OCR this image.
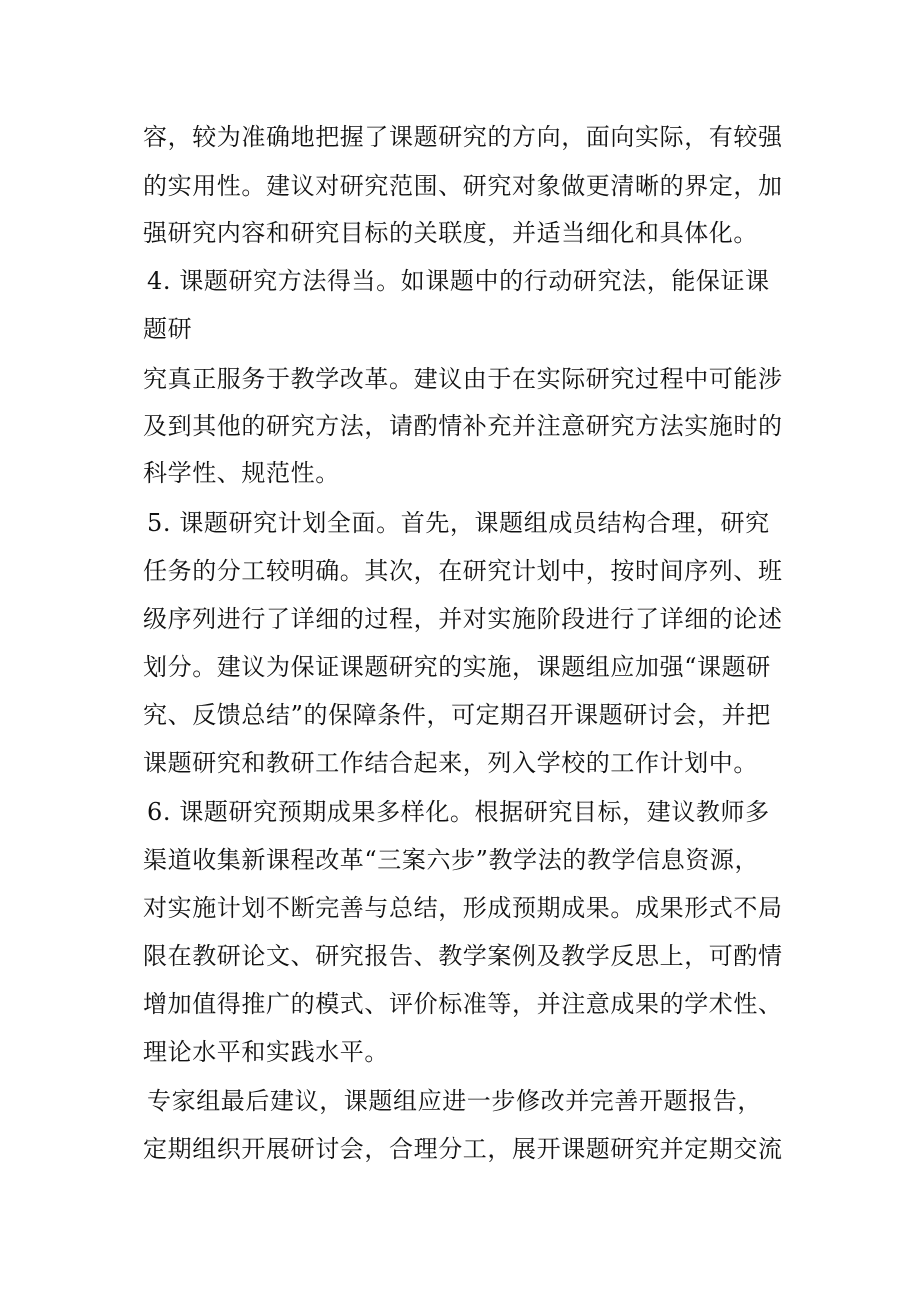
容，较为准确地把握了课题研究的方向，面向实际，有较强
的实用性。建议对研究范围、研究对象做更清晰的界定，加
强研究内容和研究目标的关联度，并适当细化和具体化。
4. 课题研究方法得当。如课题中的行动研究法，能保证课
题研
究真正服务于教学改革。建议由于在实际研究过程中可能涉
及到其他的研究方法，请酌情补充并注意研究方法实施时的
科学性、规范性。
5. 课题研究计划全面。首先，课题组成员结构合理，研究
任务的分工较明确。其次，在研究计划中，按时间序列、班
级序列进行了详细的过程，并对实施阶段进行了详细的论述
划分。建议为保证课题研究的实施，课题组应加强“课题研
究、反馈总结”的保障条件，可定期召开课题研讨会，并把
课题研究和教研工作结合起来，列入学校的工作计划中。
6. 课题研究预期成果多样化。根据研究目标，建议教师多
渠道收集新课程改革“三案六步”教学法的教学信息资源，
对实施计划不断完善与总结，形成预期成果。成果形式不局
限在教研论文、研究报告、教学案例及教学反思上，可酌情
增加值得推广的模式、评价标准等，并注意成果的学术性、
理论水平和实践水平。
专家组最后建议，课题组应进一步修改并完善开题报告，
定期组织开展研讨会，合理分工，展开课题研究并定期交流
